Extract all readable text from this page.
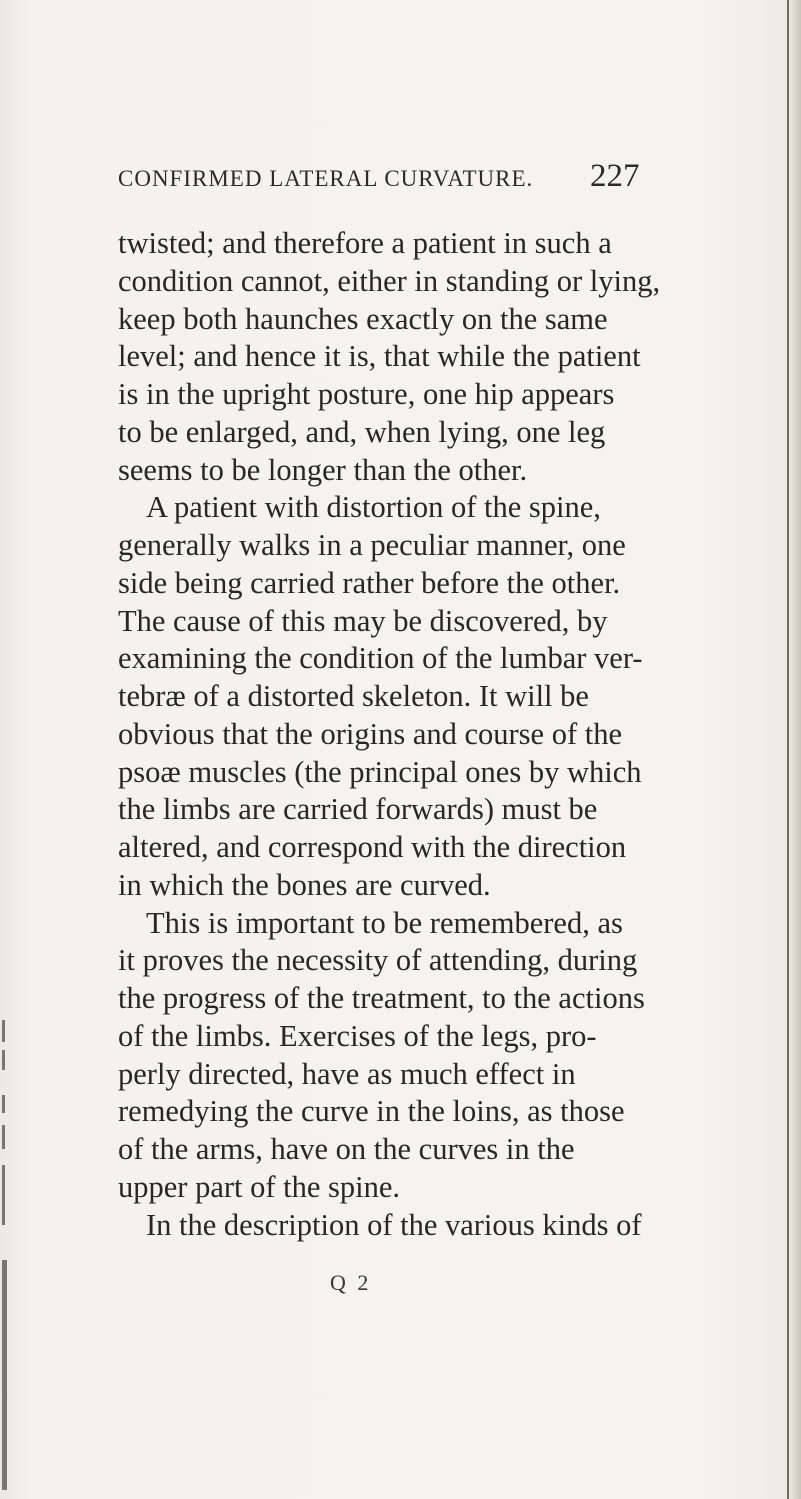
CONFIRMED LATERAL CURVATURE. 227
twisted; and therefore a patient in such a
condition cannot, either in standing or lying,
keep both haunches exactly on the same
level; and hence it is, that while the patient
is in the upright posture, one hip appears
to be enlarged, and, when lying, one leg
seems to be longer than the other.
A patient with distortion of the spine,
generally walks in a peculiar manner, one
side being carried rather before the other.
The cause of this may be discovered, by
examining the condition of the lumbar ver-
tebræ of a distorted skeleton. It will be
obvious that the origins and course of the
psoæ muscles (the principal ones by which
the limbs are carried forwards) must be
altered, and correspond with the direction
in which the bones are curved.
This is important to be remembered, as
it proves the necessity of attending, during
the progress of the treatment, to the actions
of the limbs. Exercises of the legs, pro-
perly directed, have as much effect in
remedying the curve in the loins, as those
of the arms, have on the curves in the
upper part of the spine.
In the description of the various kinds of
Q 2
